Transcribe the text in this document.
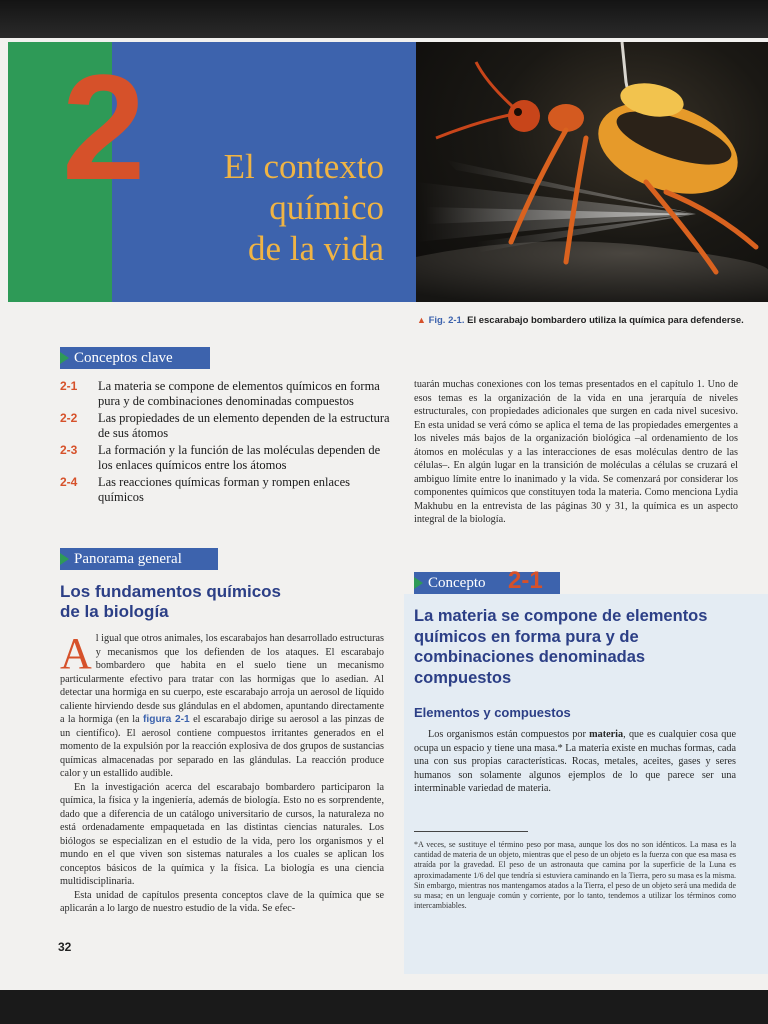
2	El contexto
químico
de la vida
▲ Fig. 2-1. El escarabajo bombardero utiliza la química para defenderse.
Conceptos clave
2-1	La materia se compone de elementos químicos en forma pura y de combinaciones denominadas compuestos
2-2	Las propiedades de un elemento dependen de la estructura de sus átomos
2-3	La formación y la función de las moléculas dependen de los enlaces químicos entre los átomos
2-4	Las reacciones químicas forman y rompen enlaces químicos
Panorama general
Los fundamentos químicos
de la biología

Al igual que otros animales, los escarabajos han desarrollado estructuras y mecanismos que los defienden de los ataques. El escarabajo bombardero que habita en el suelo tiene un mecanismo particularmente efectivo para tratar con las hormigas que lo asedian. Al detectar una hormiga en su cuerpo, este escarabajo arroja un aerosol de líquido caliente hirviendo desde sus glándulas en el abdomen, apuntando directamente a la hormiga (en la figura 2-1 el escarabajo dirige su aerosol a las pinzas de un científico). El aerosol contiene compuestos irritantes generados en el momento de la expulsión por la reacción explosiva de dos grupos de sustancias químicas almacenadas por separado en las glándulas. La reacción produce calor y un estallido audible.

En la investigación acerca del escarabajo bombardero participaron la química, la física y la ingeniería, además de biología. Esto no es sorprendente, dado que a diferencia de un catálogo universitario de cursos, la naturaleza no está ordenadamente empaquetada en las distintas ciencias naturales. Los biólogos se especializan en el estudio de la vida, pero los organismos y el mundo en el que viven son sistemas naturales a los cuales se aplican los conceptos básicos de la química y la física. La biología es una ciencia multidisciplinaria.

Esta unidad de capítulos presenta conceptos clave de la química que se aplicarán a lo largo de nuestro estudio de la vida. Se efec-

tuarán muchas conexiones con los temas presentados en el capítulo 1. Uno de esos temas es la organización de la vida en una jerarquía de niveles estructurales, con propiedades adicionales que surgen en cada nivel sucesivo. En esta unidad se verá cómo se aplica el tema de las propiedades emergentes a los niveles más bajos de la organización biológica –al ordenamiento de los átomos en moléculas y a las interacciones de esas moléculas dentro de las células–. En algún lugar en la transición de moléculas a células se cruzará el ambiguo límite entre lo inanimado y la vida. Se comenzará por considerar los componentes químicos que constituyen toda la materia. Como menciona Lydia Makhubu en la entrevista de las páginas 30 y 31, la química es un aspecto integral de la biología.

Concepto 2-1
La materia se compone de elementos químicos en forma pura y de combinaciones denominadas compuestos
Elementos y compuestos

Los organismos están compuestos por materia, que es cualquier cosa que ocupa un espacio y tiene una masa.* La materia existe en muchas formas, cada una con sus propias características. Rocas, metales, aceites, gases y seres humanos son solamente algunos ejemplos de lo que parece ser una interminable variedad de materia.

*A veces, se sustituye el término peso por masa, aunque los dos no son idénticos. La masa es la cantidad de materia de un objeto, mientras que el peso de un objeto es la fuerza con que esa masa es atraída por la gravedad. El peso de un astronauta que camina por la superficie de la Luna es aproximadamente 1/6 del que tendría si estuviera caminando en la Tierra, pero su masa es la misma. Sin embargo, mientras nos mantengamos atados a la Tierra, el peso de un objeto será una medida de su masa; en un lenguaje común y corriente, por lo tanto, tendemos a utilizar los términos como intercambiables.

32
